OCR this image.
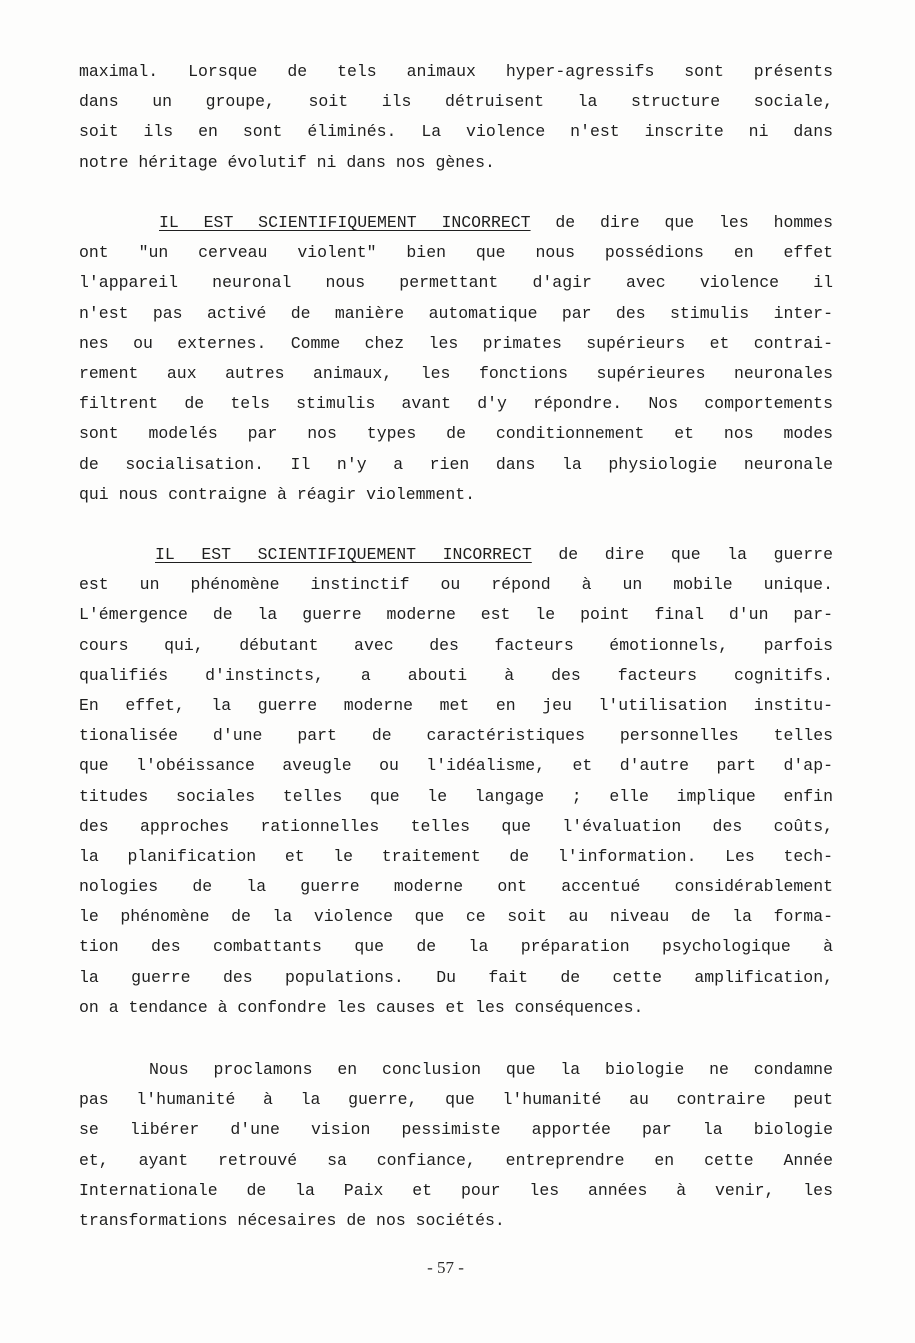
maximal. Lorsque de tels animaux hyper-agressifs sont présents
dans un groupe, soit ils détruisent la structure sociale,
soit ils en sont éliminés. La violence n'est inscrite ni dans
notre héritage évolutif ni dans nos gènes.
IL EST SCIENTIFIQUEMENT INCORRECT de dire que les hommes
ont "un cerveau violent" bien que nous possédions en effet
l'appareil neuronal nous permettant d'agir avec violence il
n'est pas activé de manière automatique par des stimulis inter-
nes ou externes. Comme chez les primates supérieurs et contrai-
rement aux autres animaux, les fonctions supérieures neuronales
filtrent de tels stimulis avant d'y répondre. Nos comportements
sont modelés par nos types de conditionnement et nos modes
de socialisation. Il n'y a rien dans la physiologie neuronale
qui nous contraigne à réagir violemment.
IL EST SCIENTIFIQUEMENT INCORRECT de dire que la guerre
est un phénomène instinctif ou répond à un mobile unique.
L'émergence de la guerre moderne est le point final d'un par-
cours qui, débutant avec des facteurs émotionnels, parfois
qualifiés d'instincts, a abouti à des facteurs cognitifs.
En effet, la guerre moderne met en jeu l'utilisation institu-
tionalisée d'une part de caractéristiques personnelles telles
que l'obéissance aveugle ou l'idéalisme, et d'autre part d'ap-
titudes sociales telles que le langage ; elle implique enfin
des approches rationnelles telles que l'évaluation des coûts,
la planification et le traitement de l'information. Les tech-
nologies de la guerre moderne ont accentué considérablement
le phénomène de la violence que ce soit au niveau de la forma-
tion des combattants que de la préparation psychologique à
la guerre des populations. Du fait de cette amplification,
on a tendance à confondre les causes et les conséquences.
Nous proclamons en conclusion que la biologie ne condamne
pas l'humanité à la guerre, que l'humanité au contraire peut
se libérer d'une vision pessimiste apportée par la biologie
et, ayant retrouvé sa confiance, entreprendre en cette Année
Internationale de la Paix et pour les années à venir, les
transformations nécesaires de nos sociétés.
- 57 -
